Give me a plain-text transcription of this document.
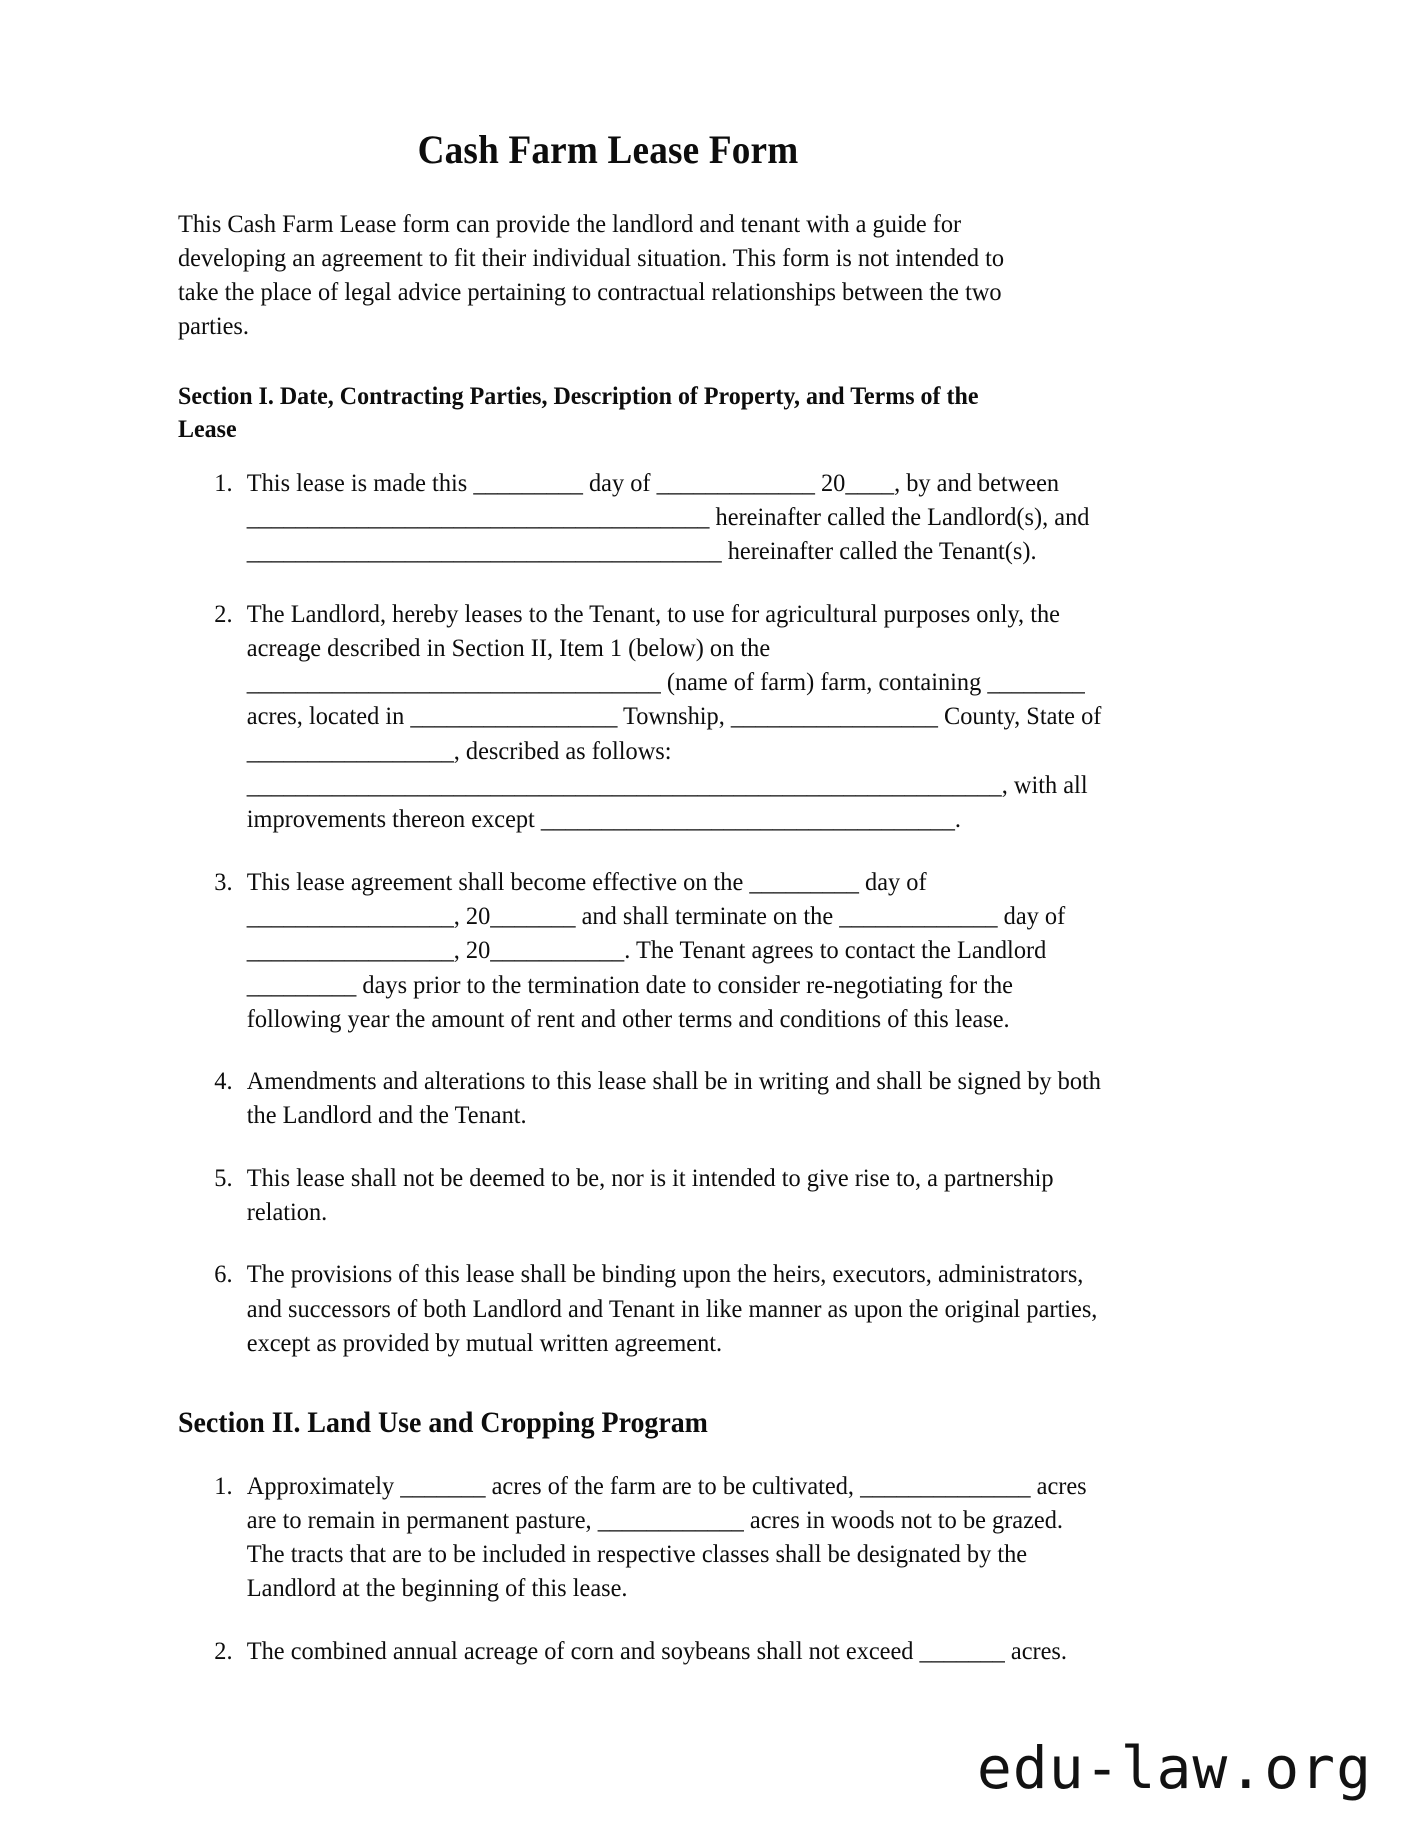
Cash Farm Lease Form

This Cash Farm Lease form can provide the landlord and tenant with a guide for developing an agreement to fit their individual situation. This form is not intended to take the place of legal advice pertaining to contractual relationships between the two parties.

Section I. Date, Contracting Parties, Description of Property, and Terms of the Lease
1. This lease is made this _________ day of _____________ 20____, by and between ______________________________________ hereinafter called the Landlord(s), and _______________________________________ hereinafter called the Tenant(s).
2. The Landlord, hereby leases to the Tenant, to use for agricultural purposes only, the acreage described in Section II, Item 1 (below) on the __________________________________ (name of farm) farm, containing ________ acres, located in _________________ Township, _________________ County, State of _________________, described as follows: ______________________________________________________________, with all improvements thereon except __________________________________.
3. This lease agreement shall become effective on the _________ day of _________________, 20_______ and shall terminate on the _____________ day of _________________, 20___________. The Tenant agrees to contact the Landlord _________ days prior to the termination date to consider re-negotiating for the following year the amount of rent and other terms and conditions of this lease.
4. Amendments and alterations to this lease shall be in writing and shall be signed by both the Landlord and the Tenant.
5. This lease shall not be deemed to be, nor is it intended to give rise to, a partnership relation.
6. The provisions of this lease shall be binding upon the heirs, executors, administrators, and successors of both Landlord and Tenant in like manner as upon the original parties, except as provided by mutual written agreement.
Section II. Land Use and Cropping Program
1. Approximately _______ acres of the farm are to be cultivated, ______________ acres are to remain in permanent pasture, ____________ acres in woods not to be grazed. The tracts that are to be included in respective classes shall be designated by the Landlord at the beginning of this lease.
2. The combined annual acreage of corn and soybeans shall not exceed _______ acres.
edu-law.org
